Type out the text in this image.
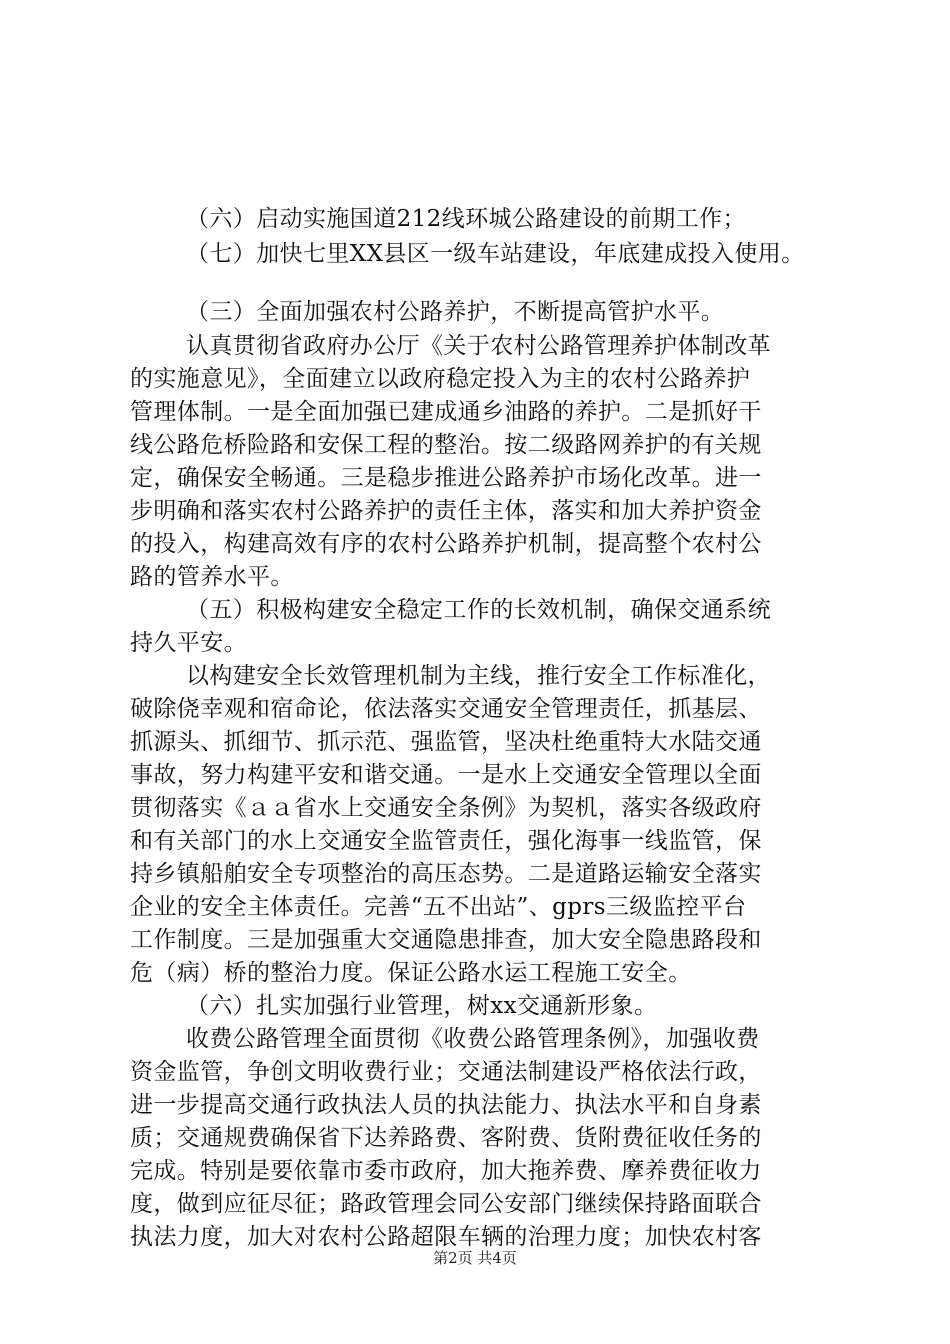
（六）启动实施国道212线环城公路建设的前期工作；
（七）加快七里XX县区一级车站建设，年底建成投入使用。
（三）全面加强农村公路养护，不断提高管护水平。
认真贯彻省政府办公厅《关于农村公路管理养护体制改革
的实施意见》，全面建立以政府稳定投入为主的农村公路养护
管理体制。一是全面加强已建成通乡油路的养护。二是抓好干
线公路危桥险路和安保工程的整治。按二级路网养护的有关规
定，确保安全畅通。三是稳步推进公路养护市场化改革。进一
步明确和落实农村公路养护的责任主体，落实和加大养护资金
的投入，构建高效有序的农村公路养护机制，提高整个农村公
路的管养水平。
（五）积极构建安全稳定工作的长效机制，确保交通系统
持久平安。
以构建安全长效管理机制为主线，推行安全工作标准化，
破除侥幸观和宿命论，依法落实交通安全管理责任，抓基层、
抓源头、抓细节、抓示范、强监管，坚决杜绝重特大水陆交通
事故，努力构建平安和谐交通。一是水上交通安全管理以全面
贯彻落实《ａａ省水上交通安全条例》为契机，落实各级政府
和有关部门的水上交通安全监管责任，强化海事一线监管，保
持乡镇船舶安全专项整治的高压态势。二是道路运输安全落实
企业的安全主体责任。完善“五不出站”、gprs三级监控平台
工作制度。三是加强重大交通隐患排查，加大安全隐患路段和
危（病）桥的整治力度。保证公路水运工程施工安全。
（六）扎实加强行业管理，树xx交通新形象。
收费公路管理全面贯彻《收费公路管理条例》，加强收费
资金监管，争创文明收费行业；交通法制建设严格依法行政，
进一步提高交通行政执法人员的执法能力、执法水平和自身素
质；交通规费确保省下达养路费、客附费、货附费征收任务的
完成。特别是要依靠市委市政府，加大拖养费、摩养费征收力
度，做到应征尽征；路政管理会同公安部门继续保持路面联合
执法力度，加大对农村公路超限车辆的治理力度；加快农村客
第2页 共4页
